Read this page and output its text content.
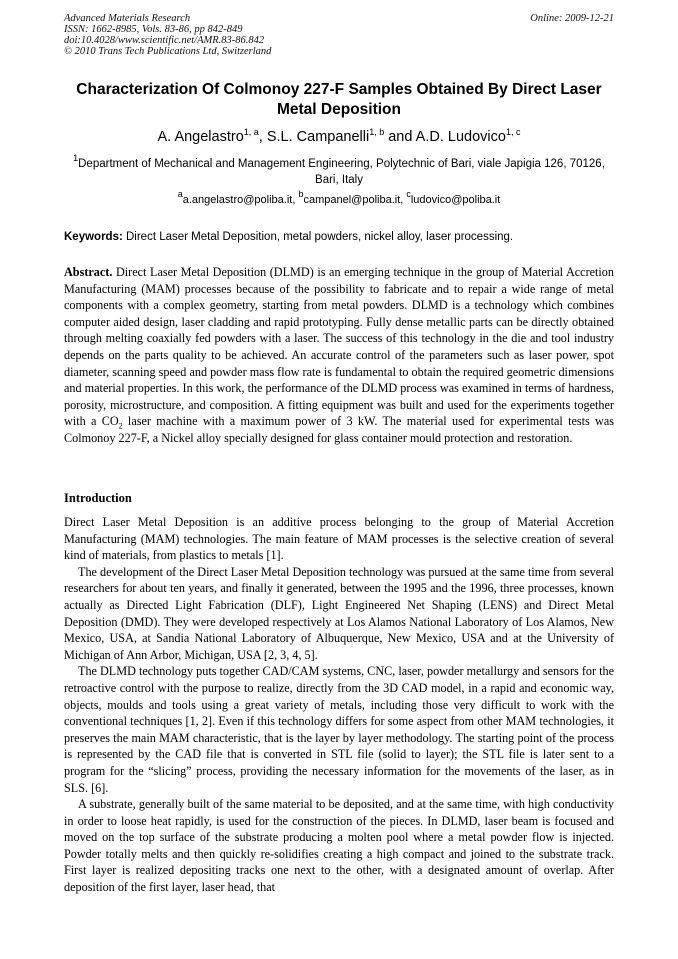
Advanced Materials Research
ISSN: 1662-8985, Vols. 83-86, pp 842-849
doi:10.4028/www.scientific.net/AMR.83-86.842
© 2010 Trans Tech Publications Ltd, Switzerland
Online: 2009-12-21
Characterization Of Colmonoy 227-F Samples Obtained By Direct Laser Metal Deposition
A. Angelastro$^{1, a}$, S.L. Campanelli$^{1, b}$ and A.D. Ludovico$^{1, c}$
$^1$Department of Mechanical and Management Engineering, Polytechnic of Bari, viale Japigia 126, 70126, Bari, Italy
$^a$a.angelastro@poliba.it, $^b$campanel@poliba.it, $^c$ludovico@poliba.it
Keywords: Direct Laser Metal Deposition, metal powders, nickel alloy, laser processing.
Abstract. Direct Laser Metal Deposition (DLMD) is an emerging technique in the group of Material Accretion Manufacturing (MAM) processes because of the possibility to fabricate and to repair a wide range of metal components with a complex geometry, starting from metal powders. DLMD is a technology which combines computer aided design, laser cladding and rapid prototyping. Fully dense metallic parts can be directly obtained through melting coaxially fed powders with a laser. The success of this technology in the die and tool industry depends on the parts quality to be achieved. An accurate control of the parameters such as laser power, spot diameter, scanning speed and powder mass flow rate is fundamental to obtain the required geometric dimensions and material properties. In this work, the performance of the DLMD process was examined in terms of hardness, porosity, microstructure, and composition. A fitting equipment was built and used for the experiments together with a $CO_2$ laser machine with a maximum power of 3 kW. The material used for experimental tests was Colmonoy 227-F, a Nickel alloy specially designed for glass container mould protection and restoration.
Introduction

Direct Laser Metal Deposition is an additive process belonging to the group of Material Accretion Manufacturing (MAM) technologies. The main feature of MAM processes is the selective creation of several kind of materials, from plastics to metals [1].

The development of the Direct Laser Metal Deposition technology was pursued at the same time from several researchers for about ten years, and finally it generated, between the 1995 and the 1996, three processes, known actually as Directed Light Fabrication (DLF), Light Engineered Net Shaping (LENS) and Direct Metal Deposition (DMD). They were developed respectively at Los Alamos National Laboratory of Los Alamos, New Mexico, USA, at Sandia National Laboratory of Albuquerque, New Mexico, USA and at the University of Michigan of Ann Arbor, Michigan, USA [2, 3, 4, 5].

The DLMD technology puts together CAD/CAM systems, CNC, laser, powder metallurgy and sensors for the retroactive control with the purpose to realize, directly from the 3D CAD model, in a rapid and economic way, objects, moulds and tools using a great variety of metals, including those very difficult to work with the conventional techniques [1, 2]. Even if this technology differs for some aspect from other MAM technologies, it preserves the main MAM characteristic, that is the layer by layer methodology. The starting point of the process is represented by the CAD file that is converted in STL file (solid to layer); the STL file is later sent to a program for the “slicing” process, providing the necessary information for the movements of the laser, as in SLS. [6].

A substrate, generally built of the same material to be deposited, and at the same time, with high conductivity in order to loose heat rapidly, is used for the construction of the pieces. In DLMD, laser beam is focused and moved on the top surface of the substrate producing a molten pool where a metal powder flow is injected. Powder totally melts and then quickly re-solidifies creating a high compact and joined to the substrate track. First layer is realized depositing tracks one next to the other, with a designated amount of overlap. After deposition of the first layer, laser head, that
